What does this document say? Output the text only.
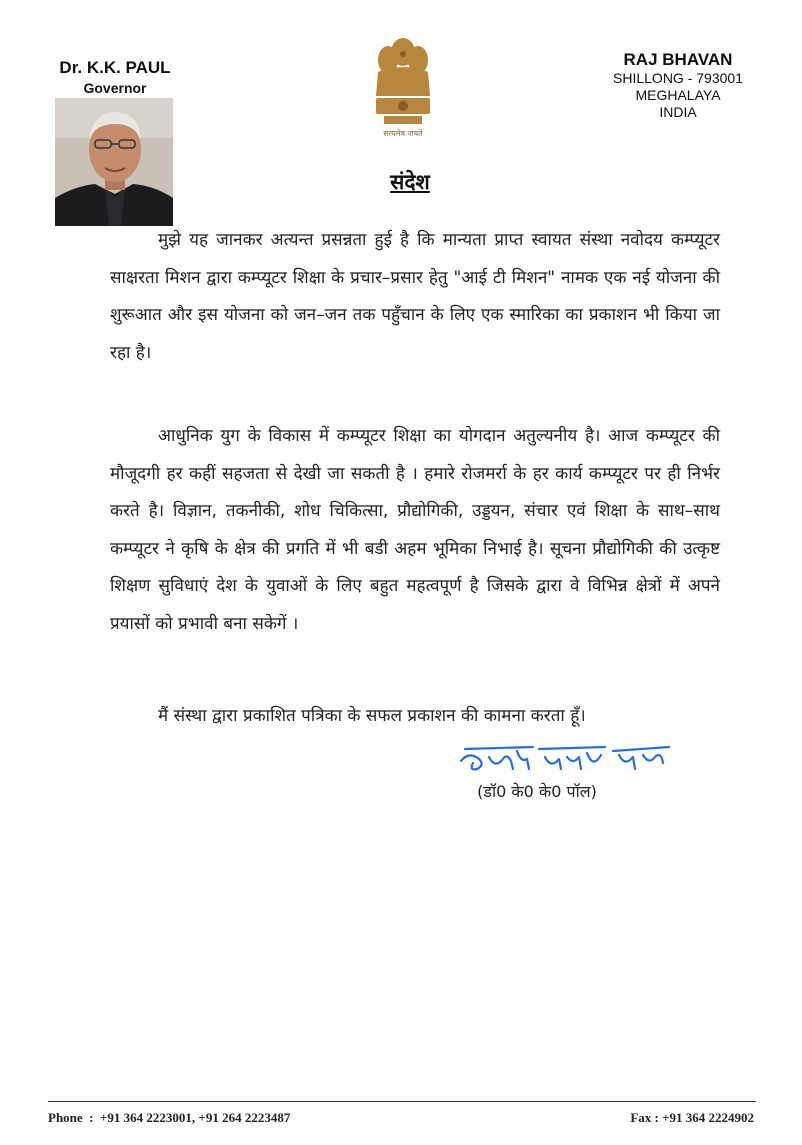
Dr. K.K. PAUL
Governor
सत्यमेव जयते
RAJ BHAVAN
SHILLONG - 793001
MEGHALAYA
INDIA
संदेश
मुझे यह जानकर अत्यन्त प्रसन्नता हुई है कि मान्यता प्राप्त स्वायत संस्था नवोदय कम्प्यूटर साक्षरता मिशन द्वारा कम्प्यूटर शिक्षा के प्रचार–प्रसार हेतु "आई टी मिशन" नामक एक नई योजना की शुरूआत और इस योजना को जन–जन तक पहुँचान के लिए एक स्मारिका का प्रकाशन भी किया जा रहा है।
आधुनिक युग के विकास में कम्प्यूटर शिक्षा का योगदान अतुल्यनीय है। आज कम्प्यूटर की मौजूदगी हर कहीं सहजता से देखी जा सकती है । हमारे रोजमर्रा के हर कार्य कम्प्यूटर पर ही निर्भर करते है। विज्ञान, तकनीकी, शोध चिकित्सा, प्रौद्योगिकी, उड्डयन, संचार एवं शिक्षा के साथ–साथ कम्प्यूटर ने कृषि के क्षेत्र की प्रगति में भी बडी अहम भूमिका निभाई है। सूचना प्रौद्योगिकी की उत्कृष्ट शिक्षण सुविधाएं देश के युवाओं के लिए बहुत महत्वपूर्ण है जिसके द्वारा वे विभिन्न क्षेत्रों में अपने प्रयासों को प्रभावी बना सकेगें ।
मैं संस्था द्वारा प्रकाशित पत्रिका के सफल प्रकाशन की कामना करता हूँ।
(डॉ0 के0 के0 पॉल)
Phone  :  +91 364 2223001, +91 264 2223487	Fax : +91 364 2224902
